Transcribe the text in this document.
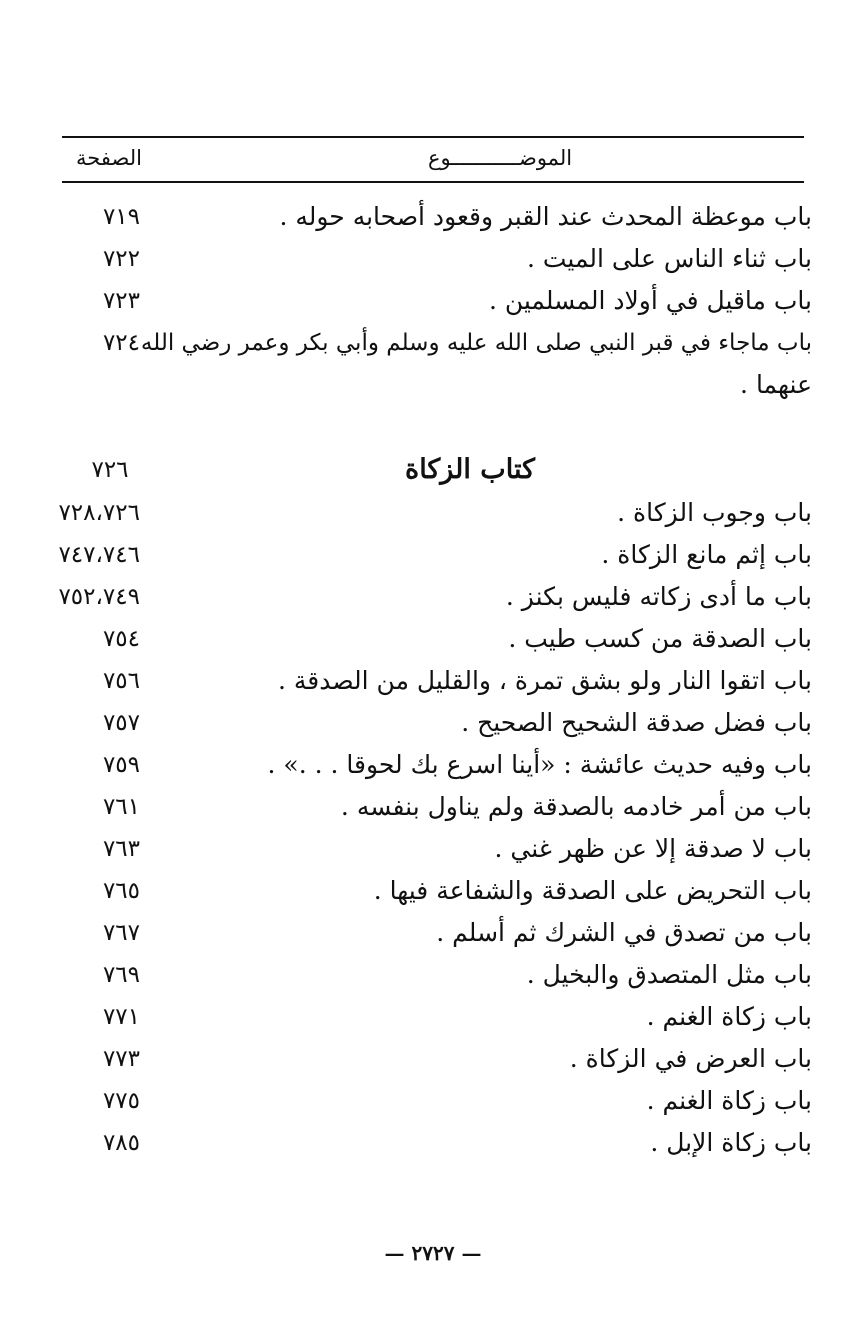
الموضـــــــــــوع
الصفحة
باب موعظة المحدث عند القبر وقعود أصحابه حوله .
٧١٩
باب ثناء الناس على الميت .
٧٢٢
باب ماقيل في أولاد المسلمين .
٧٢٣
باب ماجاء في قبر النبي صلى الله عليه وسلم وأبي بكر وعمر رضي الله
٧٢٤
عنهما .
كتاب الزكاة
٧٢٦
باب وجوب الزكاة .
٧٢٨،٧٢٦
باب إثم مانع الزكاة .
٧٤٧،٧٤٦
باب ما أدى زكاته فليس بكنز .
٧٥٢،٧٤٩
باب الصدقة من كسب طيب .
٧٥٤
باب اتقوا النار ولو بشق تمرة ، والقليل من الصدقة .
٧٥٦
باب فضل صدقة الشحيح الصحيح .
٧٥٧
باب وفيه حديث عائشة : «أينا اسرع بك لحوقا . . .» .
٧٥٩
باب من أمر خادمه بالصدقة ولم يناول بنفسه .
٧٦١
باب لا صدقة إلا عن ظهر غني .
٧٦٣
باب التحريض على الصدقة والشفاعة فيها .
٧٦٥
باب من تصدق في الشرك ثم أسلم .
٧٦٧
باب مثل المتصدق والبخيل .
٧٦٩
باب زكاة الغنم .
٧٧١
باب العرض في الزكاة .
٧٧٣
باب زكاة الغنم .
٧٧٥
باب زكاة الإبل .
٧٨٥
— ٢٧٢٧ —
